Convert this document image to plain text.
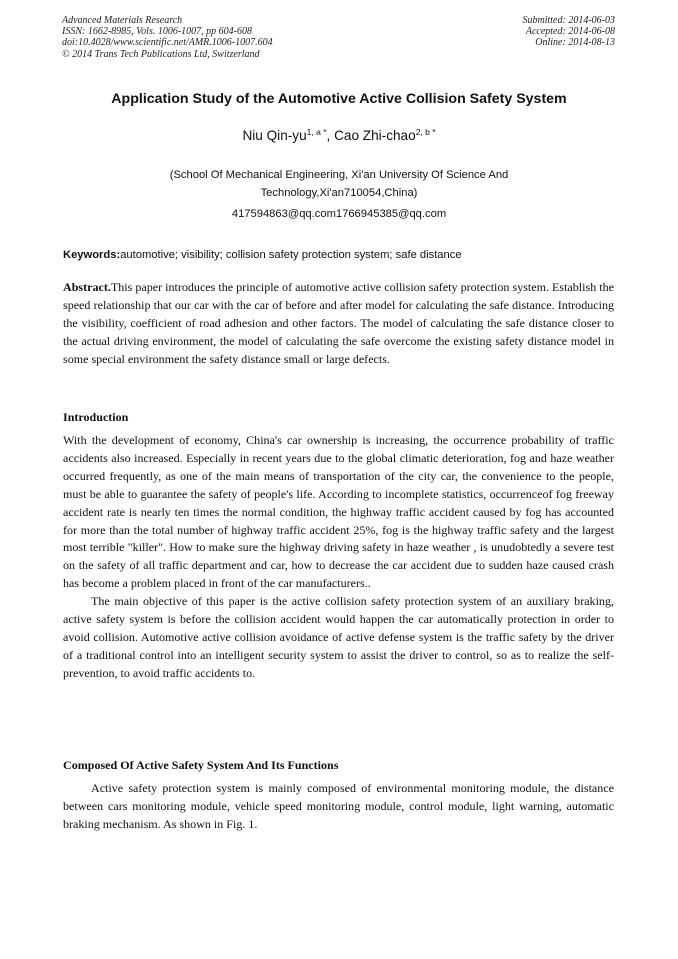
Advanced Materials Research
ISSN: 1662-8985, Vols. 1006-1007, pp 604-608
doi:10.4028/www.scientific.net/AMR.1006-1007.604
© 2014 Trans Tech Publications Ltd, Switzerland
Submitted: 2014-06-03
Accepted: 2014-06-08
Online: 2014-08-13
Application Study of the Automotive Active Collision Safety System
Niu Qin-$yu^{1, a *}$, Cao Zhi-chao$^{2, b *}$
(School Of Mechanical Engineering, Xi'an University Of Science And
Technology,Xi'an710054,China)
417594863@qq.com1766945385@qq.com
Keywords:automotive; visibility; collision safety protection system; safe distance

Abstract.This paper introduces the principle of automotive active collision safety protection system. Establish the speed relationship that our car with the car of before and after model for calculating the safe distance. Introducing the visibility, coefficient of road adhesion and other factors. The model of calculating the safe distance closer to the actual driving environment, the model of calculating the safe overcome the existing safety distance model in some special environment the safety distance small or large defects.

Introduction

With the development of economy, China's car ownership is increasing, the occurrence probability of traffic accidents also increased. Especially in recent years due to the global climatic deterioration, fog and haze weather occurred frequently, as one of the main means of transportation of the city car, the convenience to the people, must be able to guarantee the safety of people's life. According to incomplete statistics, occurrenceof fog freeway accident rate is nearly ten times the normal condition, the highway traffic accident caused by fog has accounted for more than the total number of highway traffic accident 25%, fog is the highway traffic safety and the largest most terrible "killer". How to make sure the highway driving safety in haze weather , is unudobtedly a severe test on the safety of all traffic department and car, how to decrease the car accident due to sudden haze caused crash has become a problem placed in front of the car manufacturers..

The main objective of this paper is the active collision safety protection system of an auxiliary braking, active safety system is before the collision accident would happen the car automatically protection in order to avoid collision. Automotive active collision avoidance of active defense system is the traffic safety by the driver of a traditional control into an intelligent security system to assist the driver to control, so as to realize the self-prevention, to avoid traffic accidents to.

Composed Of Active Safety System And Its Functions

Active safety protection system is mainly composed of environmental monitoring module, the distance between cars monitoring module, vehicle speed monitoring module, control module, light warning, automatic braking mechanism. As shown in Fig. 1.
